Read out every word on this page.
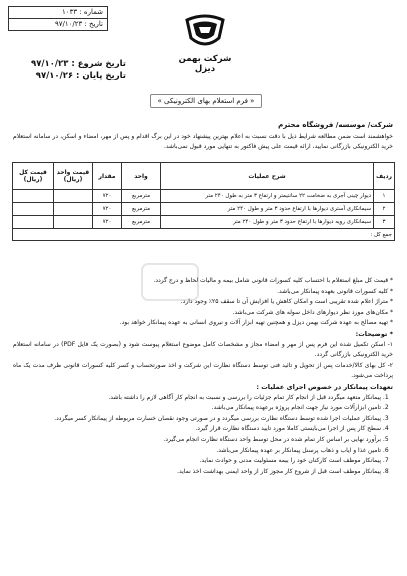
شماره : ۱۰۳۳
تاریخ : ۹۷/۱۰/۲۳
تاریخ شروع : ۹۷/۱۰/۲۳
تاریخ پایان : ۹۷/۱۰/۲۶
شرکت بهمن دیزل
« فرم استعلام بهای الکترونیکی »
شرکت/ موسسه/ فروشگاه محترم
خواهشمند است ضمن مطالعه شرایط ذیل با دقت نسبت به اعلام بهترین پیشنهاد خود در این برگ اقدام و پس از مهر، امضاء و اسکن، در سامانه استعلام خرید الکترونیکی بازرگانی نمایید، ارائه قیمت علی پیش فاکتور به تنهایی مورد قبول نمی‌باشد.
ردیف	شرح عملیات	واحد	مقدار	قیمت واحد (ریال)	قیمت کل (ریال)
۱	دیوار چینی آجری به ضخامت ۲۲ سانتیمتر و ارتفاع ۳ متر به طول ۲۴۰ متر	مترمربع	۷۲۰		
۲	سیمانکاری آستری دیوارها با ارتفاع حدود ۳ متر و طول ۲۴۰ متر	مترمربع	۷۲۰		
۳	سیمانکاری رویه دیوارها با ارتفاع حدود ۳ متر و طول ۲۴۰ متر	مترمربع	۷۲۰		
جمع کل :					

* قیمت کل مبلغ استعلام با احتساب کلیه کسورات قانونی شامل بیمه و مالیات لحاظ و درج گردد.

* کلیه کسورات قانونی بعهده پیمانکار می‌باشد.

* متراژ اعلام شده تقریبی است و امکان کاهش یا افزایش آن تا سقف ۲۵٪ وجود دارد.

* مکان‌های مورد نظر دیوارهای داخل سوله های شرکت می‌باشد.

* تهیه مصالح به عهده شرکت بهمن دیزل و همچنین تهیه ابزار آلات و نیروی انسانی به عهده پیمانکار خواهد بود.

* توضیحات:

۱- اسکن تکمیل شده این فرم پس از مهر و امضاء مجاز و مشخصات کامل موضوع استعلام پیوست شود و (بصورت یک فایل PDF) در سامانه استعلام خرید الکترونیکی بازرگانی گردد.

۲- کل بهای کالا/خدمات پس از تحویل و تائید فنی توسط دستگاه نظارت این شرکت و اخذ صورتحساب و کسر کلیه کسورات قانونی ظرف مدت یک ماه پرداخت می‌شود.

تعهدات پیمانکار در خصوص اجرای عملیات :

1. پیمانکار متعهد میگردد قبل از انجام کار تمام جزئیات را بررسی و نسبت به انجام کار آگاهی لازم را داشته باشد.
2. تامین ابزارآلات مورد نیاز جهت انجام پروژه برعهده پیمانکار می‌باشد.
3. پیمانکار عملیات اجرا شده توسط دستگاه نظارت بررسی میگردد و در صورتی وجود نقصان خسارت مربوطه از پیمانکار کسر میگردد.
4. سطح کار پس از اجرا می‌بایستی کاملا مورد تایید دستگاه نظارت قرار گیرد.
5. برآورد نهایی بر اساس کار تمام شده در محل توسط واحد دستگاه نظارت انجام می‌گیرد.
6. تامین غذا و ایاب و ذهاب پرسنل پیمانکار بر عهده پیمانکار می‌باشد.
7. پیمانکار موظف است کارکنان خود را بیمه مسئولیت مدنی و حوادث نماید.
8. پیمانکار موظف است قبل از شروع کار مجوز کار از واحد ایمنی بهداشت اخذ نماید.
